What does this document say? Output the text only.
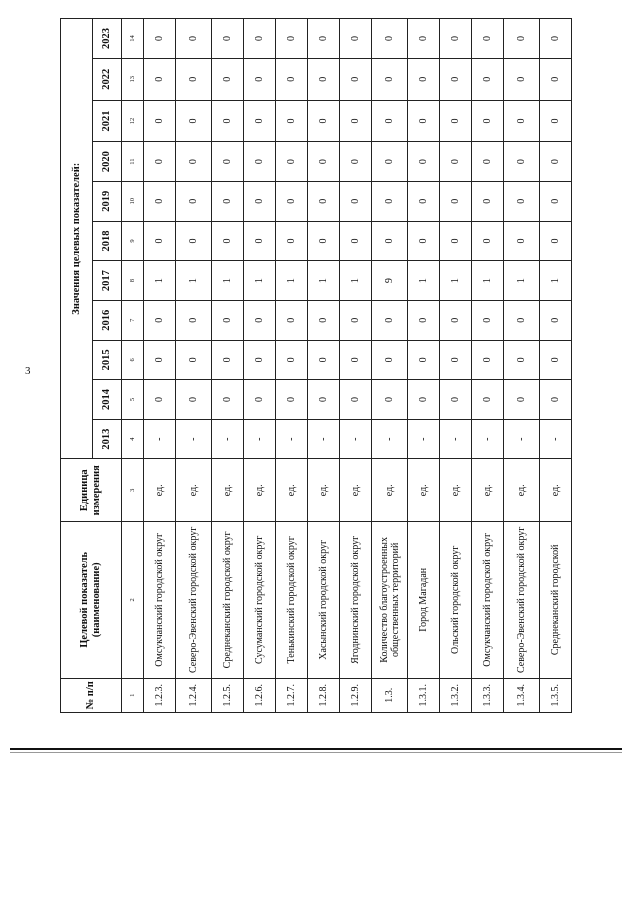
3
№ п/п	Целевой показатель (наименование)	Единица измерения	Значения целевых показателей:										
			2013	2014	2015	2016	2017	2018	2019	2020	2021	2022	2023
1	2	3	4	5	6	7	8	9	10	11	12	13	14
1.2.3.	Омсукчанский городской округ	ед.	-	0	0	0	1	0	0	0	0	0	0
1.2.4.	Северо-Эвенский городской округ	ед.	-	0	0	0	1	0	0	0	0	0	0
1.2.5.	Среднеканский городской округ	ед.	-	0	0	0	1	0	0	0	0	0	0
1.2.6.	Сусуманский городской округ	ед.	-	0	0	0	1	0	0	0	0	0	0
1.2.7.	Тенькинский городской округ	ед.	-	0	0	0	1	0	0	0	0	0	0
1.2.8.	Хасынский городской округ	ед.	-	0	0	0	1	0	0	0	0	0	0
1.2.9.	Ягоднинский городской округ	ед.	-	0	0	0	1	0	0	0	0	0	0
1.3.	Количество благоустроенных общественных территорий	ед.	-	0	0	0	9	0	0	0	0	0	0
1.3.1.	Город Магадан	ед.	-	0	0	0	1	0	0	0	0	0	0
1.3.2.	Ольский городской округ	ед.	-	0	0	0	1	0	0	0	0	0	0
1.3.3.	Омсукчанский городской округ	ед.	-	0	0	0	1	0	0	0	0	0	0
1.3.4.	Северо-Эвенский городской округ	ед.	-	0	0	0	1	0	0	0	0	0	0
1.3.5.	Среднеканский городской	ед.	-	0	0	0	1	0	0	0	0	0	0
